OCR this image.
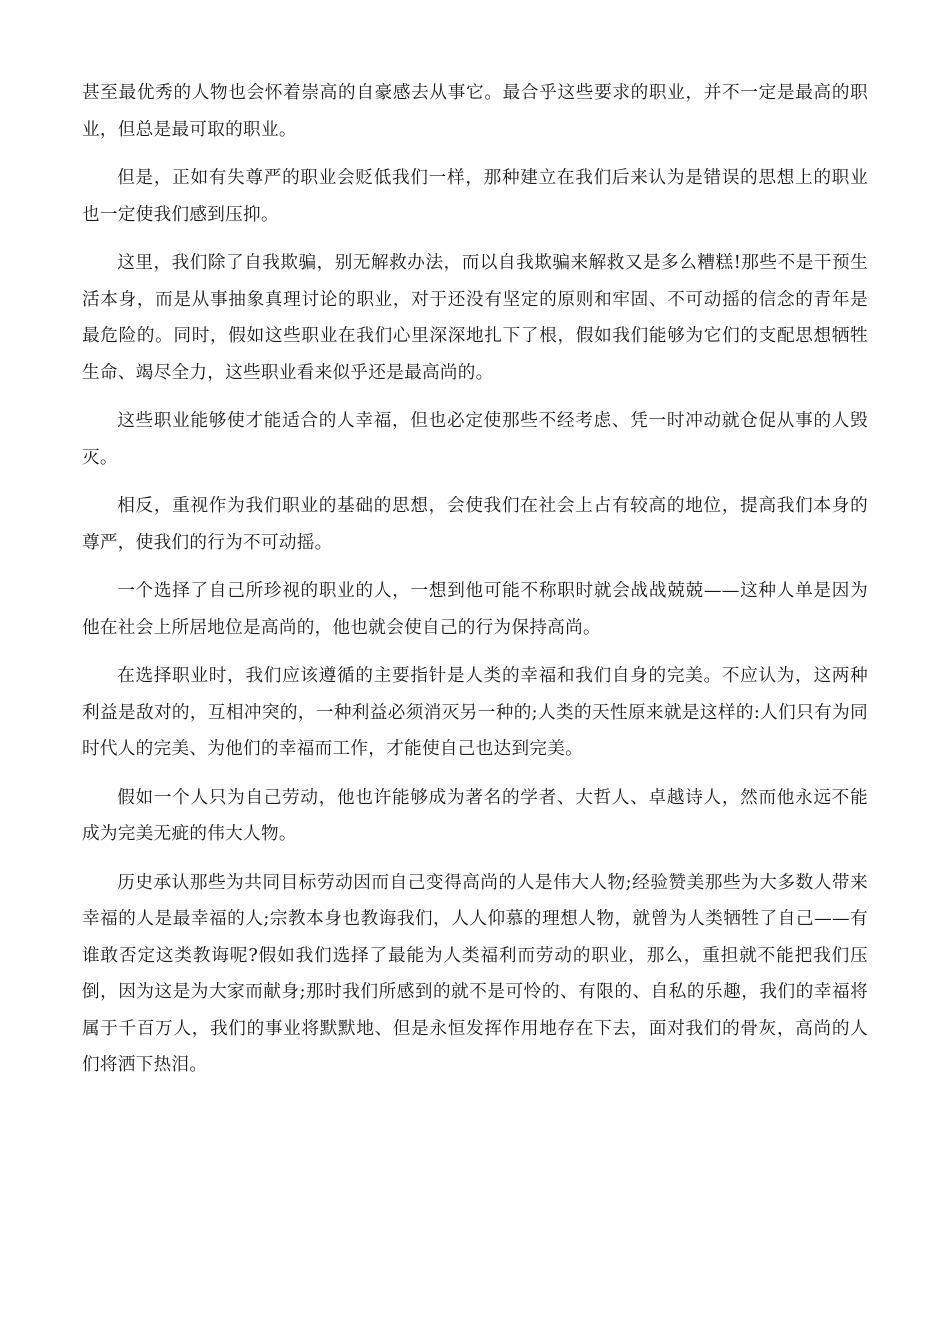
甚至最优秀的人物也会怀着崇高的自豪感去从事它。最合乎这些要求的职业，并不一定是最高的职业，但总是最可取的职业。

但是，正如有失尊严的职业会贬低我们一样，那种建立在我们后来认为是错误的思想上的职业也一定使我们感到压抑。

这里，我们除了自我欺骗，别无解救办法，而以自我欺骗来解救又是多么糟糕!那些不是干预生活本身，而是从事抽象真理讨论的职业，对于还没有坚定的原则和牢固、不可动摇的信念的青年是最危险的。同时，假如这些职业在我们心里深深地扎下了根，假如我们能够为它们的支配思想牺牲生命、竭尽全力，这些职业看来似乎还是最高尚的。

这些职业能够使才能适合的人幸福，但也必定使那些不经考虑、凭一时冲动就仓促从事的人毁灭。

相反，重视作为我们职业的基础的思想，会使我们在社会上占有较高的地位，提高我们本身的尊严，使我们的行为不可动摇。

一个选择了自己所珍视的职业的人，一想到他可能不称职时就会战战兢兢——这种人单是因为他在社会上所居地位是高尚的，他也就会使自己的行为保持高尚。

在选择职业时，我们应该遵循的主要指针是人类的幸福和我们自身的完美。不应认为，这两种利益是敌对的，互相冲突的，一种利益必须消灭另一种的;人类的天性原来就是这样的:人们只有为同时代人的完美、为他们的幸福而工作，才能使自己也达到完美。

假如一个人只为自己劳动，他也许能够成为著名的学者、大哲人、卓越诗人，然而他永远不能成为完美无疵的伟大人物。

历史承认那些为共同目标劳动因而自己变得高尚的人是伟大人物;经验赞美那些为大多数人带来幸福的人是最幸福的人;宗教本身也教诲我们，人人仰慕的理想人物，就曾为人类牺牲了自己——有谁敢否定这类教诲呢?假如我们选择了最能为人类福利而劳动的职业，那么，重担就不能把我们压倒，因为这是为大家而献身;那时我们所感到的就不是可怜的、有限的、自私的乐趣，我们的幸福将属于千百万人，我们的事业将默默地、但是永恒发挥作用地存在下去，面对我们的骨灰，高尚的人们将洒下热泪。
